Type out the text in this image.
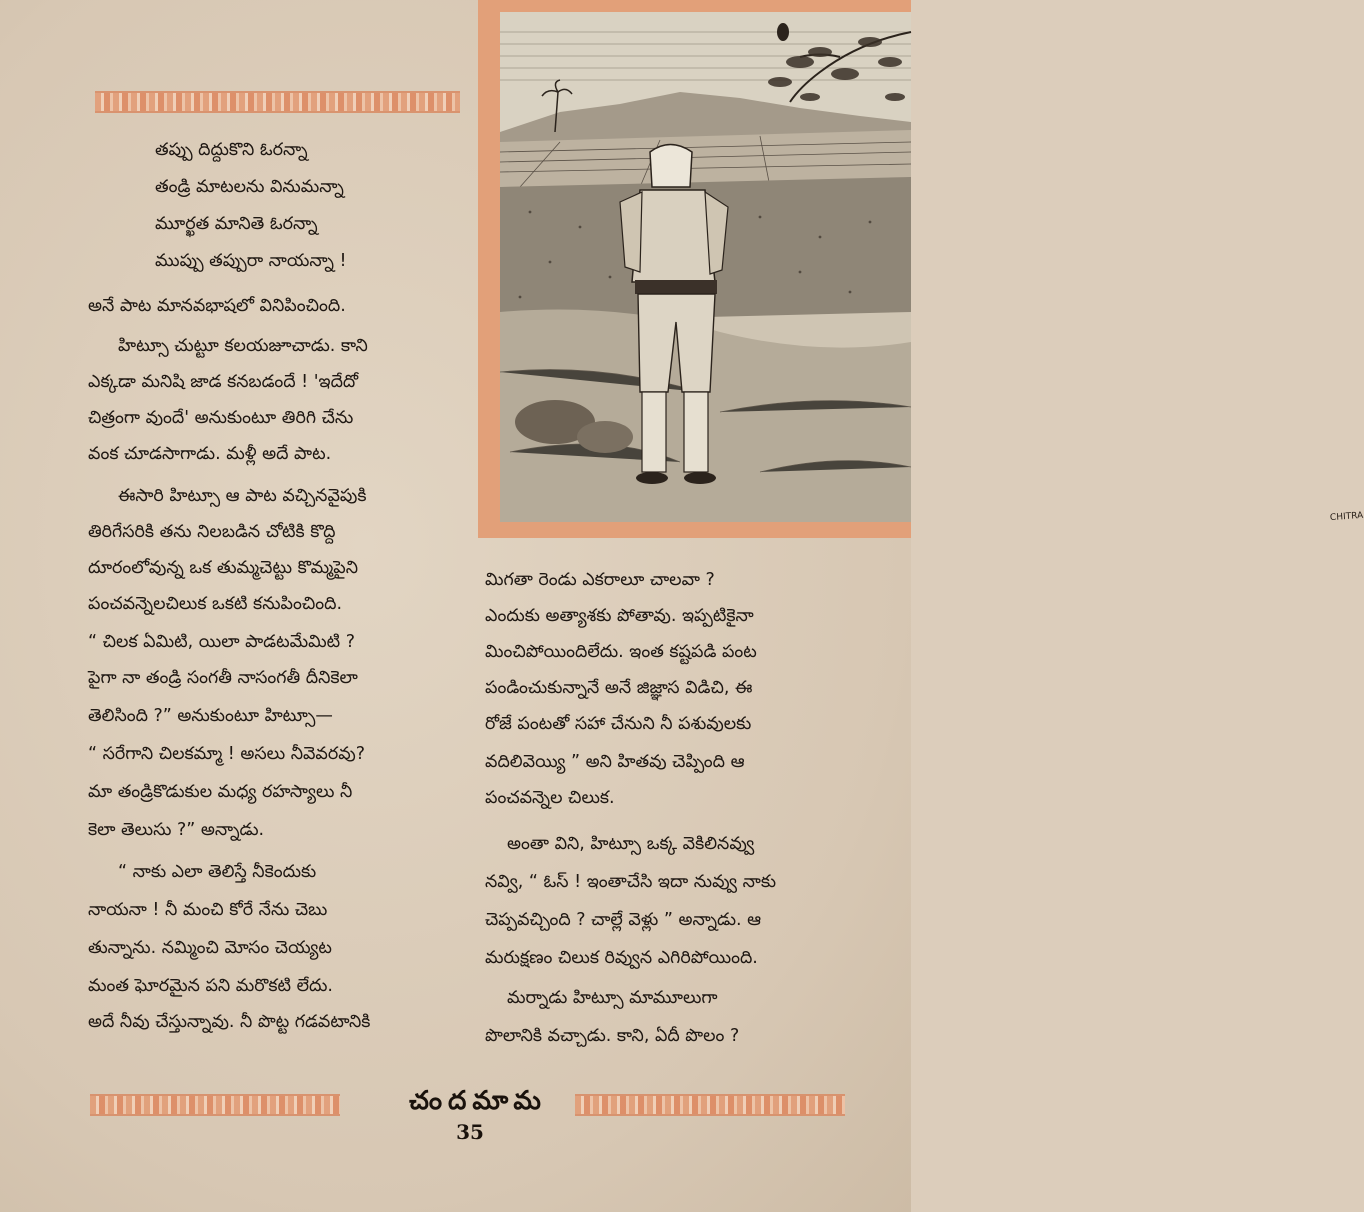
తప్పు దిద్దుకొని ఓరన్నా
తండ్రి మాటలను వినుమన్నా
మూర్ఖత మానితె ఓరన్నా
ముప్పు తప్పురా నాయన్నా !
అనే పాట మానవభాషలో వినిపించింది.
హిట్సూ చుట్టూ కలయజూచాడు. కాని
ఎక్కడా మనిషి జాడ కనబడందే ! 'ఇదేదో
చిత్రంగా వుందే' అనుకుంటూ తిరిగి చేను
వంక చూడసాగాడు. మళ్లీ అదే పాట.
ఈసారి హిట్సూ ఆ పాట వచ్చినవైపుకి
తిరిగేసరికి తను నిలబడిన చోటికి కొద్ది
దూరంలోవున్న ఒక తుమ్మచెట్టు కొమ్మపైని
పంచవన్నెలచిలుక ఒకటి కనుపించింది.
“ చిలక ఏమిటి, యిలా పాడటమేమిటి ?
పైగా నా తండ్రి సంగతీ నాసంగతీ దీనికెలా
తెలిసింది ?” అనుకుంటూ హిట్సూ—
“ సరేగాని చిలకమ్మా ! అసలు నీవెవరవు?
మా తండ్రికొడుకుల మధ్య రహస్యాలు నీ
కెలా తెలుసు ?” అన్నాడు.
“ నాకు ఎలా తెలిస్తే నీకెందుకు
నాయనా ! నీ మంచి కోరే నేను చెబు
తున్నాను. నమ్మించి మోసం చెయ్యట
మంత ఘోరమైన పని మరొకటి లేదు.
అదే నీవు చేస్తున్నావు. నీ పొట్ట గడవటానికి
CHITRA
మిగతా రెండు ఎకరాలూ చాలవా ?
ఎందుకు అత్యాశకు పోతావు. ఇప్పటికైనా
మించిపోయిందిలేదు. ఇంత కష్టపడి పంట
పండించుకున్నానే అనే జిజ్ఞాస విడిచి, ఈ
రోజే పంటతో సహా చేనుని నీ పశువులకు
వదిలివెయ్యి ” అని హితవు చెప్పింది ఆ
పంచవన్నెల చిలుక.
అంతా విని, హిట్సూ ఒక్క వెకిలినవ్వు
నవ్వి, “ ఓస్ ! ఇంతాచేసి ఇదా నువ్వు నాకు
చెప్పవచ్చింది ? చాల్లే వెళ్లు ” అన్నాడు. ఆ
మరుక్షణం చిలుక రివ్వున ఎగిరిపోయింది.
మర్నాడు హిట్సూ మామూలుగా
పొలానికి వచ్చాడు. కాని, ఏదీ పొలం ?
చందమామ
35
